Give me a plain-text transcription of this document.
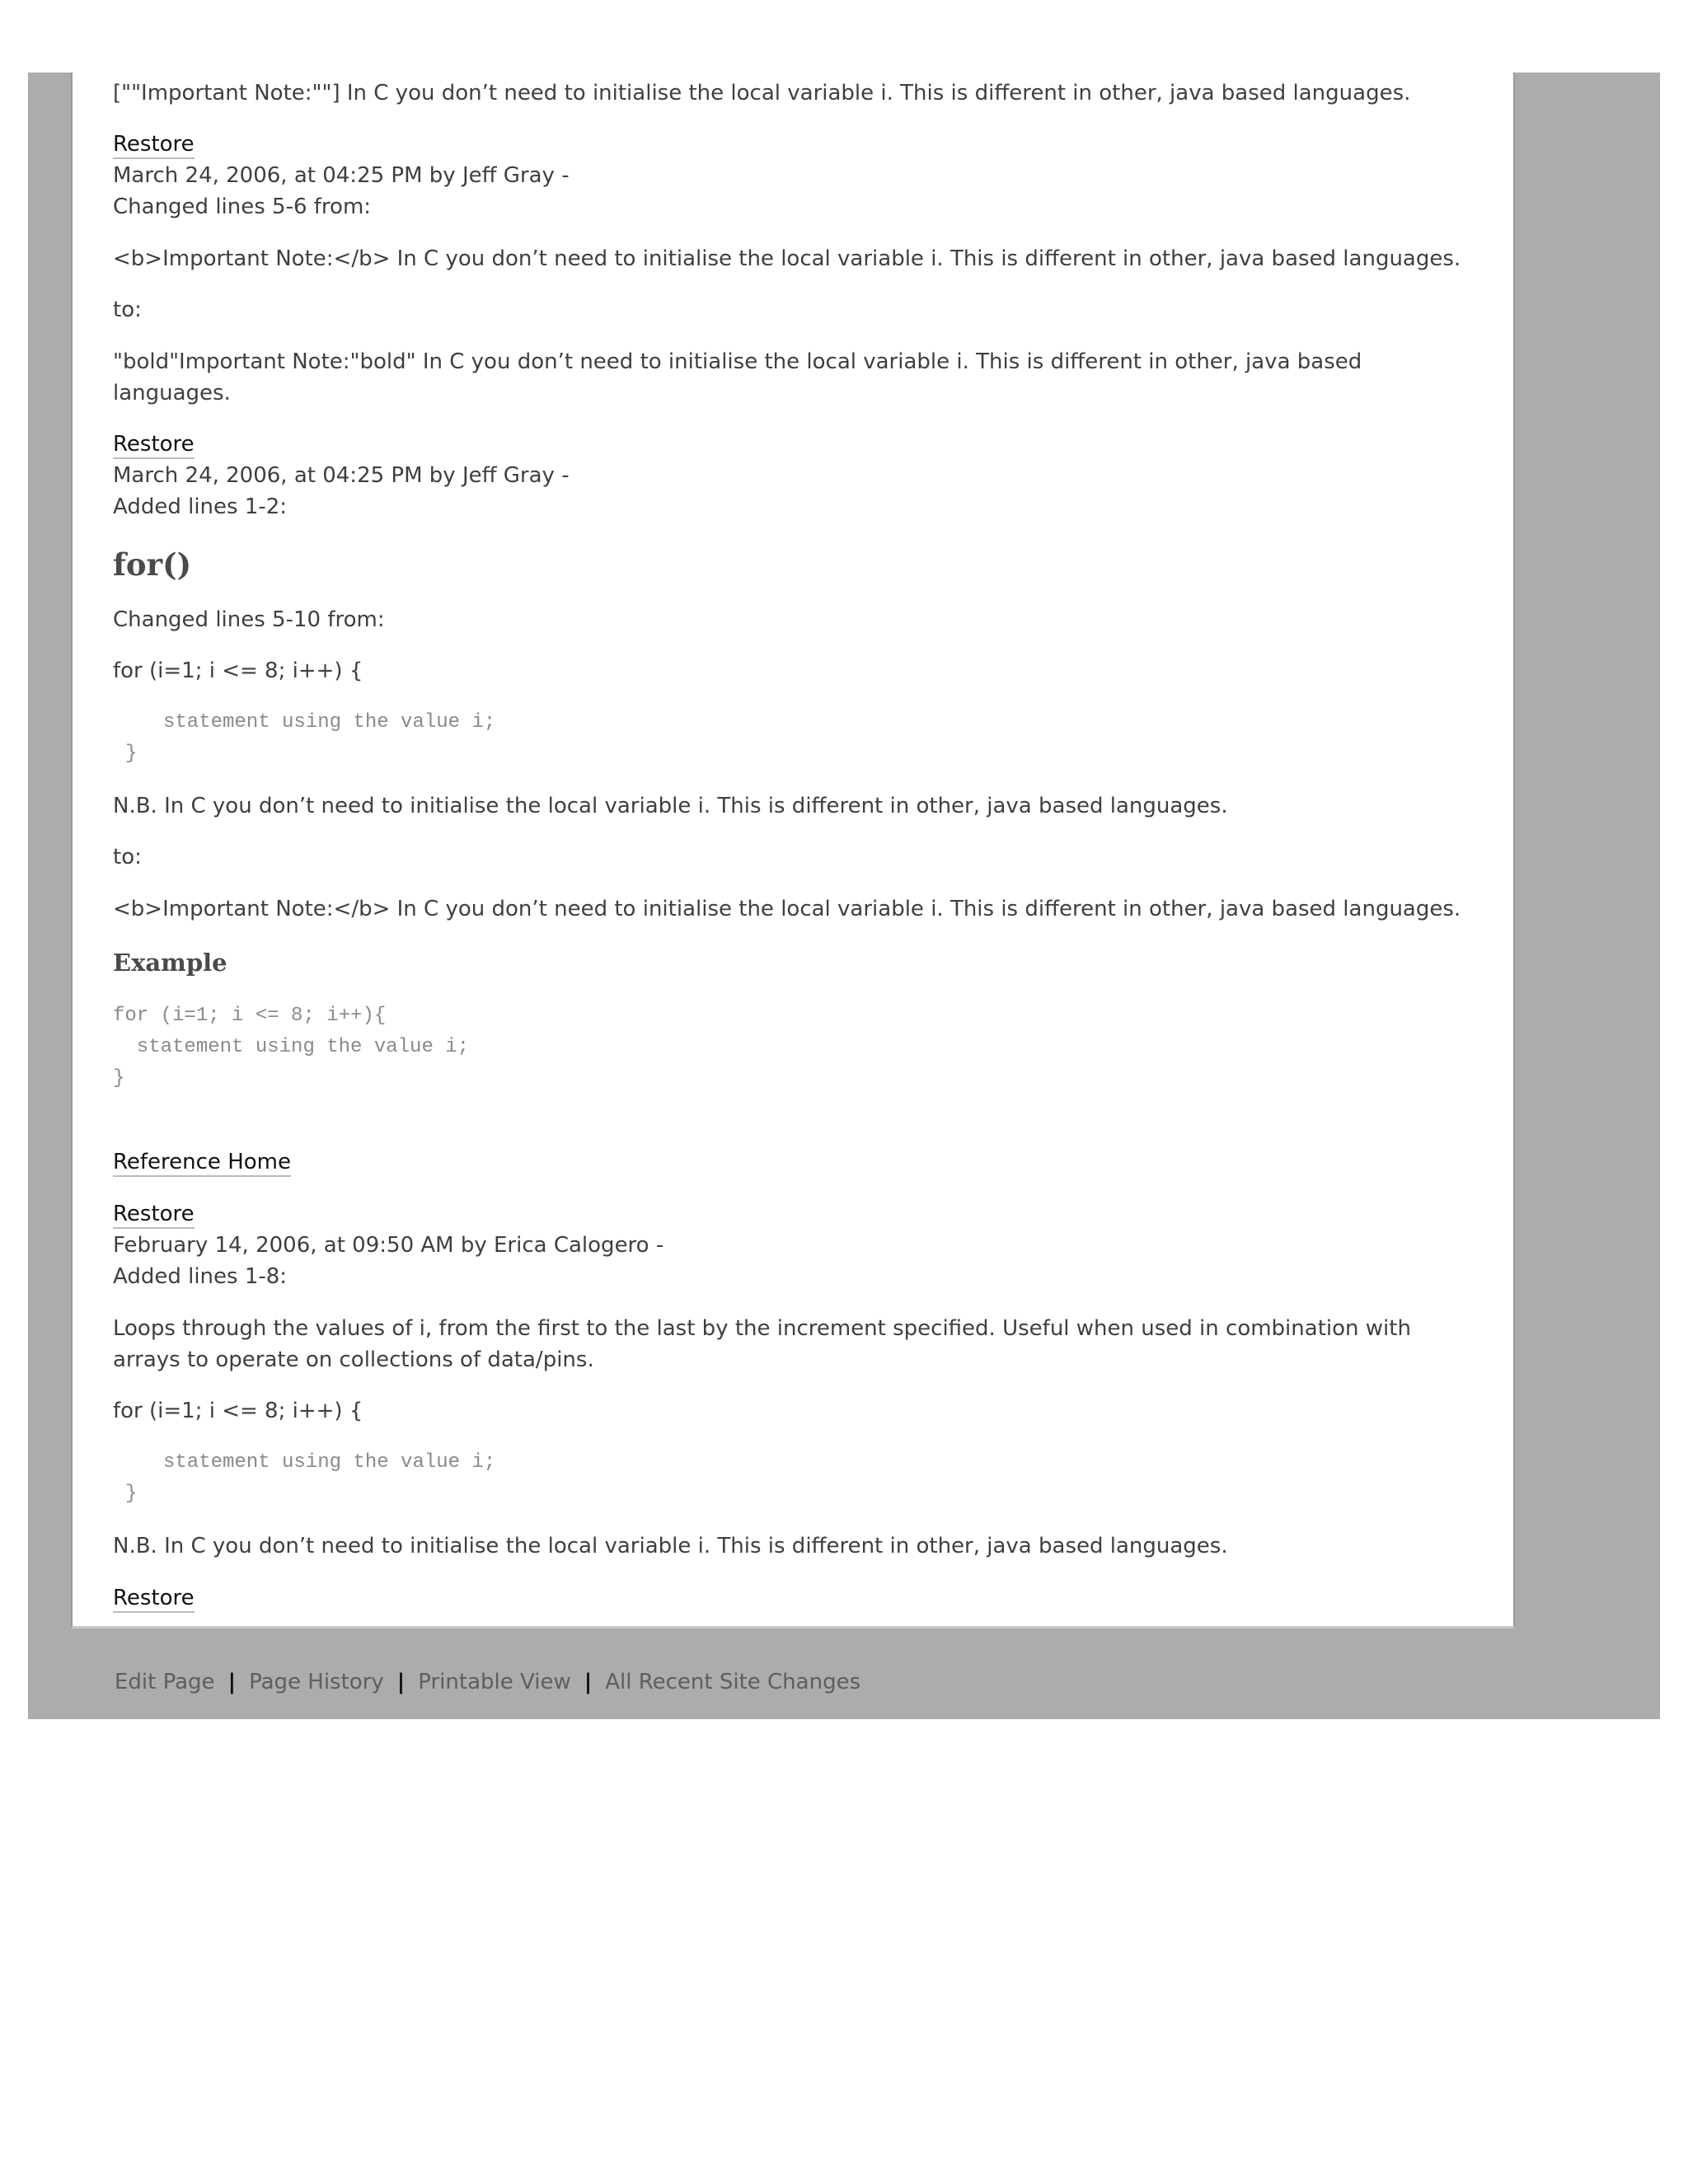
[""Important Note:""] In C you don’t need to initialise the local variable i. This is different in other, java based languages.

Restore

March 24, 2006, at 04:25 PM by Jeff Gray -

Changed lines 5-6 from:

<b>Important Note:</b> In C you don’t need to initialise the local variable i. This is different in other, java based languages.

to:

"bold"Important Note:"bold" In C you don’t need to initialise the local variable i. This is different in other, java based languages.

Restore

March 24, 2006, at 04:25 PM by Jeff Gray -

Added lines 1-2:

for()

Changed lines 5-10 from:

for (i=1; i <= 8; i++) {

statement using the value i;
}

N.B. In C you don’t need to initialise the local variable i. This is different in other, java based languages.

to:

<b>Important Note:</b> In C you don’t need to initialise the local variable i. This is different in other, java based languages.

Example
for (i=1; i <= 8; i++){
statement using the value i;
}

Reference Home

Restore

February 14, 2006, at 09:50 AM by Erica Calogero -

Added lines 1-8:

Loops through the values of i, from the first to the last by the increment specified. Useful when used in combination with arrays to operate on collections of data/pins.

for (i=1; i <= 8; i++) {

statement using the value i;
}

N.B. In C you don’t need to initialise the local variable i. This is different in other, java based languages.

Restore

Edit Page | Page History | Printable View | All Recent Site Changes
